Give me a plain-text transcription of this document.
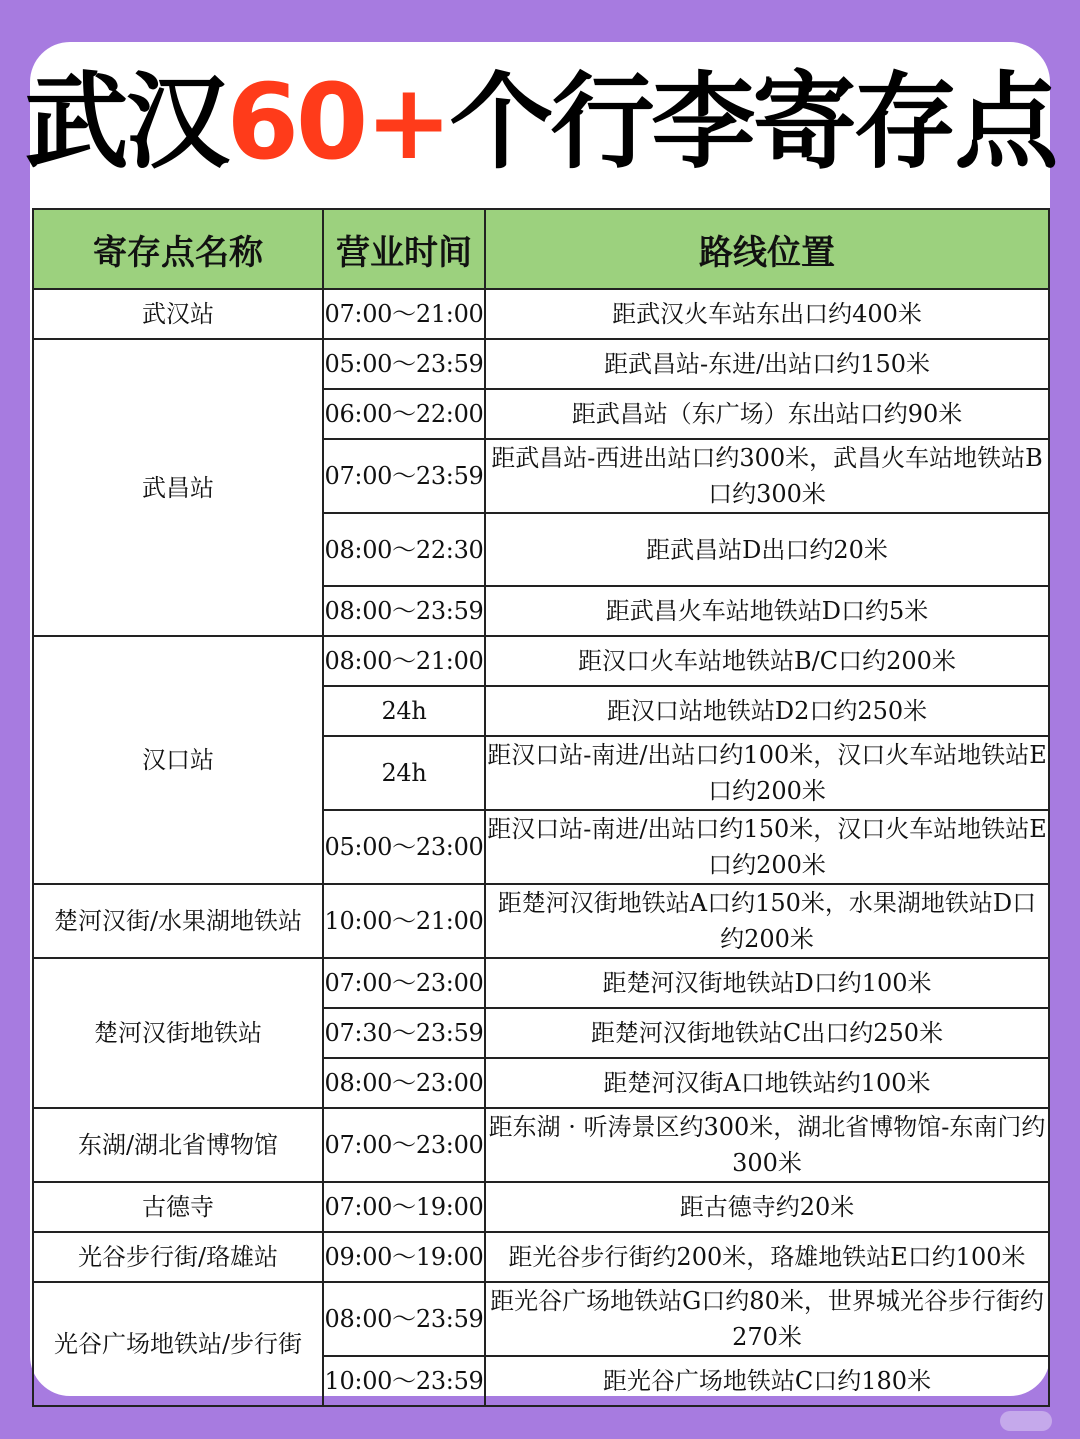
武汉60+个行李寄存点
寄存点名称	营业时间	路线位置
武汉站	07:00～21:00	距武汉火车站东出口约400米
武昌站	05:00～23:59	距武昌站-东进/出站口约150米
	06:00～22:00	距武昌站（东广场）东出站口约90米
	07:00～23:59	距武昌站-西进出站口约300米，武昌火车站地铁站B口约300米
	08:00～22:30	距武昌站D出口约20米
	08:00～23:59	距武昌火车站地铁站D口约5米
汉口站	08:00～21:00	距汉口火车站地铁站B/C口约200米
	24h	距汉口站地铁站D2口约250米
	24h	距汉口站-南进/出站口约100米，汉口火车站地铁站E口约200米
	05:00～23:00	距汉口站-南进/出站口约150米，汉口火车站地铁站E口约200米
楚河汉街/水果湖地铁站	10:00～21:00	距楚河汉街地铁站A口约150米，水果湖地铁站D口约200米
楚河汉街地铁站	07:00～23:00	距楚河汉街地铁站D口约100米
	07:30～23:59	距楚河汉街地铁站C出口约250米
	08:00～23:00	距楚河汉街A口地铁站约100米
东湖/湖北省博物馆	07:00～23:00	距东湖 · 听涛景区约300米，湖北省博物馆-东南门约300米
古德寺	07:00～19:00	距古德寺约20米
光谷步行街/珞雄站	09:00～19:00	距光谷步行街约200米，珞雄地铁站E口约100米
光谷广场地铁站/步行街	08:00～23:59	距光谷广场地铁站G口约80米，世界城光谷步行街约270米
	10:00～23:59	距光谷广场地铁站C口约180米
